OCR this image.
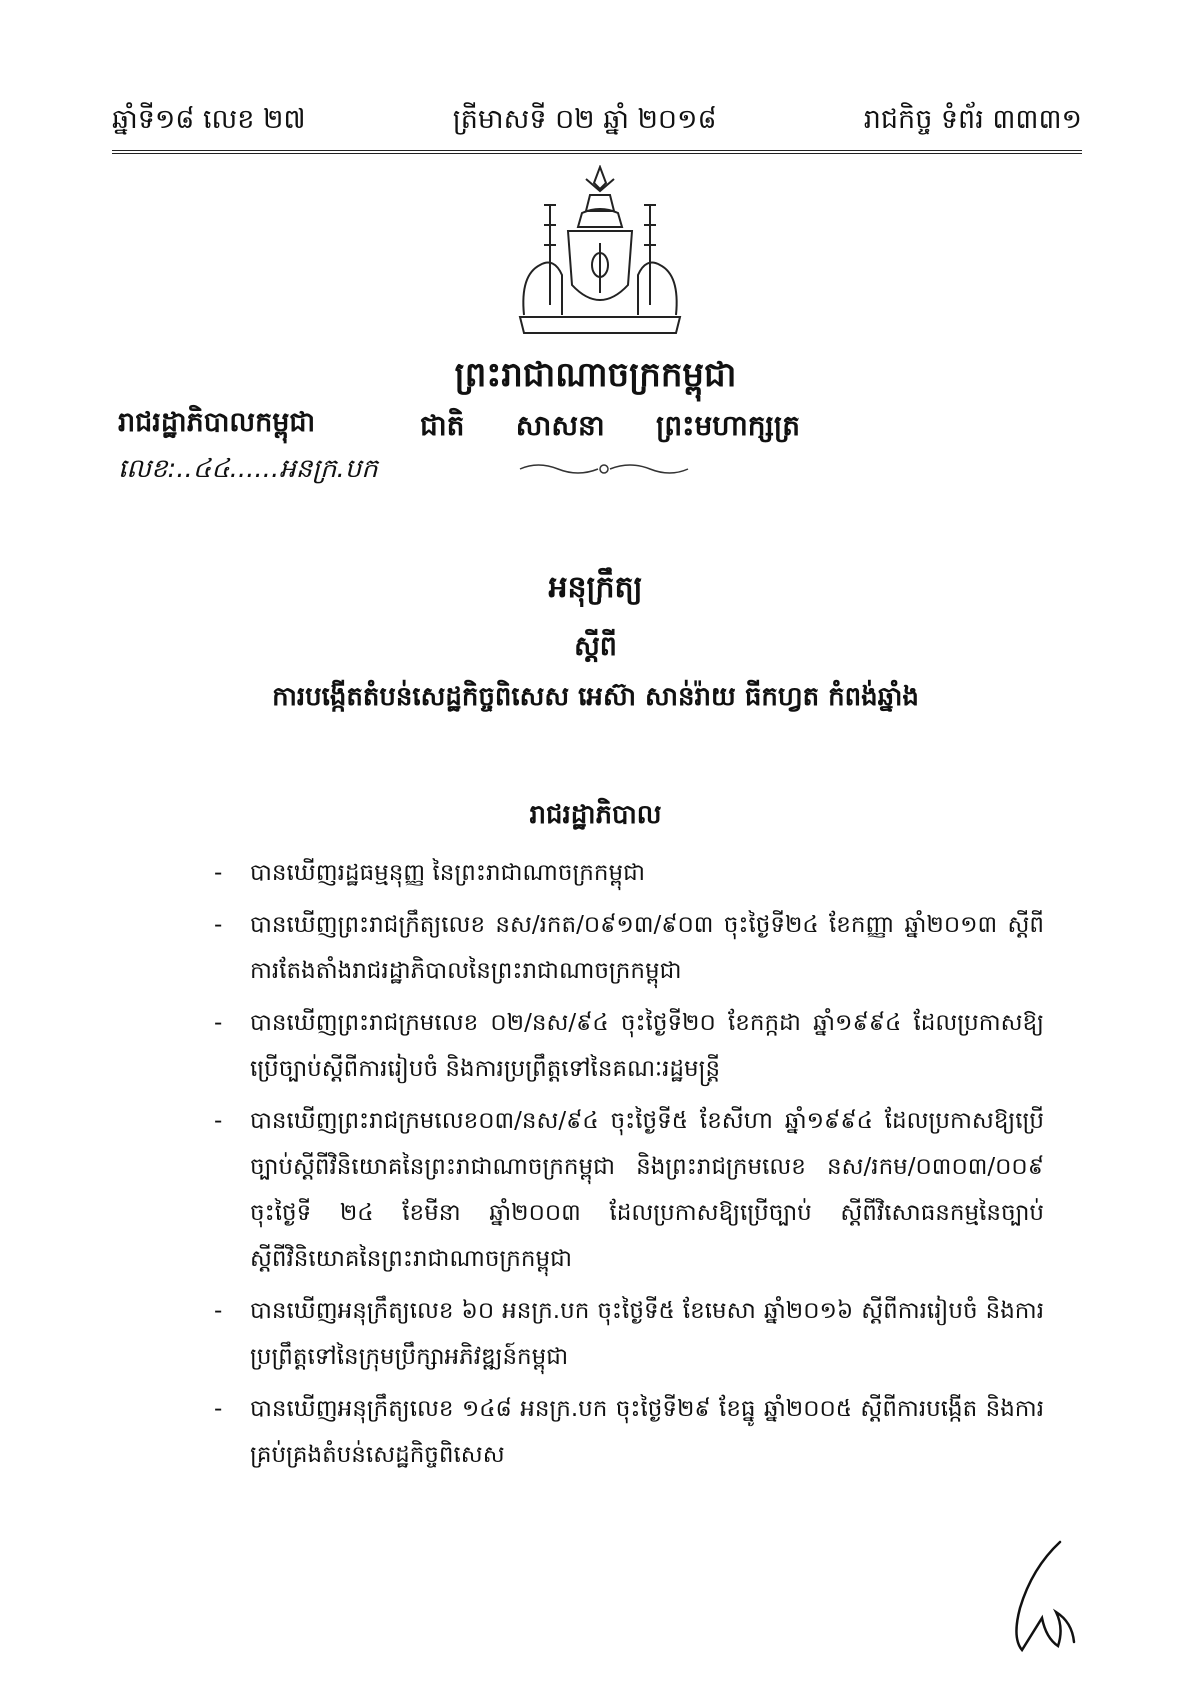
ឆ្នាំទី១៨ លេខ ២៧	ត្រីមាសទី ០២ ឆ្នាំ ២០១៨	រាជកិច្ច ទំព័រ ៣៣៣១
ព្រះរាជាណាចក្រកម្ពុជា
ជាតិ សាសនា ព្រះមហាក្សត្រ
រាជរដ្ឋាភិបាលកម្ពុជា
លេខ:..៤៤......អនក្រ.បក
អនុក្រឹត្យ
ស្តីពី
ការបង្កើតតំបន់សេដ្ឋកិច្ចពិសេស អេស៊ា សាន់រ៉ាយ ធីកហ្វត កំពង់ឆ្នាំង
រាជរដ្ឋាភិបាល
- បានឃើញរដ្ឋធម្មនុញ្ញ នៃព្រះរាជាណាចក្រកម្ពុជា
- បានឃើញព្រះរាជក្រឹត្យលេខ នស/រកត/០៩១៣/៩០៣ ចុះថ្ងៃទី២៤ ខែកញ្ញា ឆ្នាំ២០១៣ ស្តីពីការតែងតាំងរាជរដ្ឋាភិបាលនៃព្រះរាជាណាចក្រកម្ពុជា
- បានឃើញព្រះរាជក្រមលេខ ០២/នស/៩៤ ចុះថ្ងៃទី២០ ខែកក្កដា ឆ្នាំ១៩៩៤ ដែលប្រកាសឱ្យប្រើច្បាប់ស្តីពីការរៀបចំ និងការប្រព្រឹត្តទៅនៃគណៈរដ្ឋមន្ត្រី
- បានឃើញព្រះរាជក្រមលេខ០៣/នស/៩៤ ចុះថ្ងៃទី៥ ខែសីហា ឆ្នាំ១៩៩៤ ដែលប្រកាសឱ្យប្រើច្បាប់ស្តីពីវិនិយោគនៃព្រះរាជាណាចក្រកម្ពុជា និងព្រះរាជក្រមលេខ នស/រកម/០៣០៣/០០៩ ចុះថ្ងៃទី ២៤ ខែមីនា ឆ្នាំ២០០៣ ដែលប្រកាសឱ្យប្រើច្បាប់ ស្តីពីវិសោធនកម្មនៃច្បាប់ស្តីពីវិនិយោគនៃព្រះរាជាណាចក្រកម្ពុជា
- បានឃើញអនុក្រឹត្យលេខ ៦០ អនក្រ.បក ចុះថ្ងៃទី៥ ខែមេសា ឆ្នាំ២០១៦ ស្តីពីការរៀបចំ និងការប្រព្រឹត្តទៅនៃក្រុមប្រឹក្សាអភិវឌ្ឍន៍កម្ពុជា
- បានឃើញអនុក្រឹត្យលេខ ១៤៨ អនក្រ.បក ចុះថ្ងៃទី២៩ ខែធ្នូ ឆ្នាំ២០០៥ ស្តីពីការបង្កើត និងការគ្រប់គ្រងតំបន់សេដ្ឋកិច្ចពិសេស
